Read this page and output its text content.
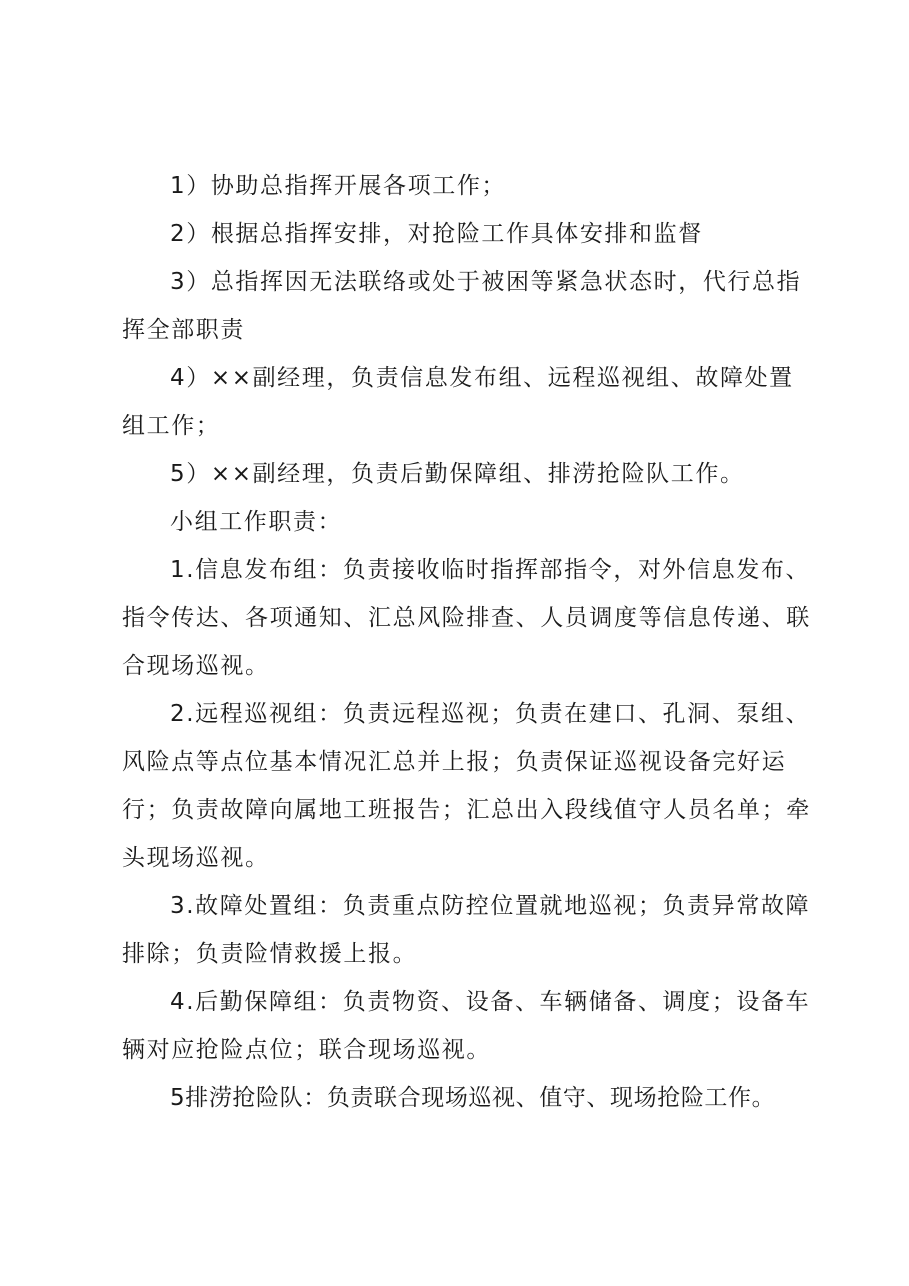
1）协助总指挥开展各项工作；

2）根据总指挥安排，对抢险工作具体安排和监督

3）总指挥因无法联络或处于被困等紧急状态时，代行总指挥全部职责

4）××副经理，负责信息发布组、远程巡视组、故障处置组工作；

5）××副经理，负责后勤保障组、排涝抢险队工作。

小组工作职责：

1.信息发布组：负责接收临时指挥部指令，对外信息发布、指令传达、各项通知、汇总风险排查、人员调度等信息传递、联合现场巡视。

2.远程巡视组：负责远程巡视；负责在建口、孔洞、泵组、风险点等点位基本情况汇总并上报；负责保证巡视设备完好运行；负责故障向属地工班报告；汇总出入段线值守人员名单；牵头现场巡视。

3.故障处置组：负责重点防控位置就地巡视；负责异常故障排除；负责险情救援上报。

4.后勤保障组：负责物资、设备、车辆储备、调度；设备车辆对应抢险点位；联合现场巡视。

5排涝抢险队：负责联合现场巡视、值守、现场抢险工作。
